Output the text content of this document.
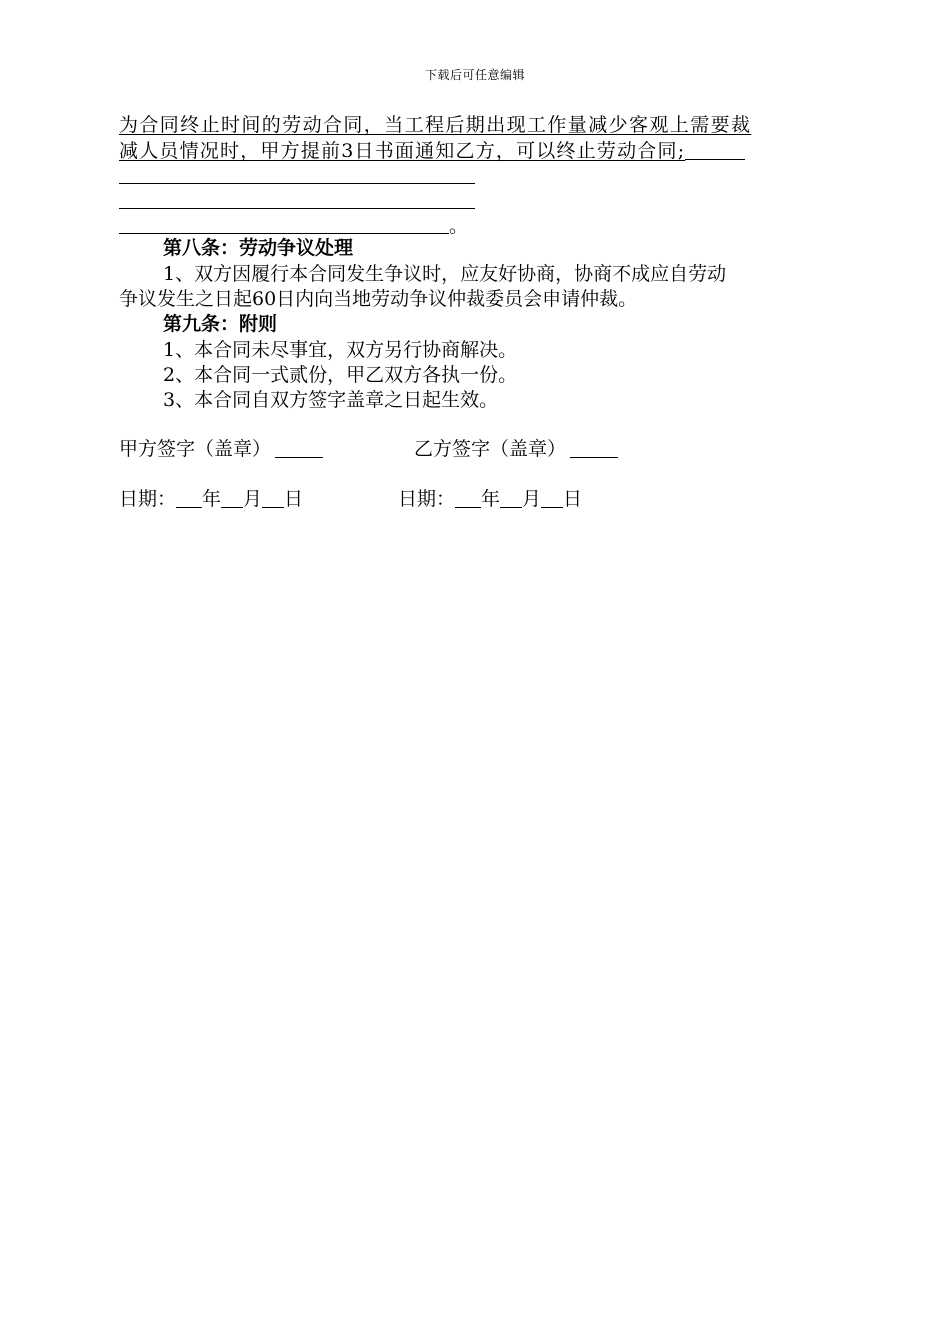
下载后可任意编辑
为合同终止时间的劳动合同，当工程后期出现工作量减少客观上需要裁
减人员情况时，甲方提前3日书面通知乙方，可以终止劳动合同;
。
第八条：劳动争议处理
1、双方因履行本合同发生争议时，应友好协商，协商不成应自劳动
争议发生之日起60日内向当地劳动争议仲裁委员会申请仲裁。
第九条：附则
1、本合同未尽事宜，双方另行协商解决。
2、本合同一式贰份，甲乙双方各执一份。
3、本合同自双方签字盖章之日起生效。
甲方签字（盖章）	乙方签字（盖章）
日期： 年 月 日	日期： 年 月 日
